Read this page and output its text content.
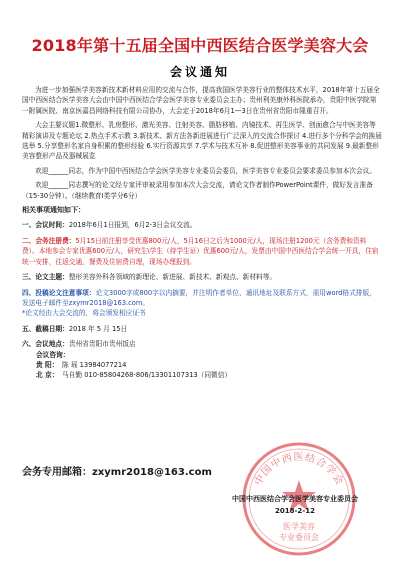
2018年第十五届全国中西医结合医学美容大会
会议通知

为进一步加强医学美容新技术新材料应用的交流与合作，提高我国医学美容行业的整体技术水平，2018年第十五届全国中西医结合医学美容大会由中国中西医结合学会医学美容专业委员会主办；贵州利美康外科医院承办，贵阳中医学院第一附属医院、南京医嘉昌网络科技有限公司协办，大会定于2018年6月1—3日在贵州省贵阳市隆重召开。

大会主要议题1.微整形、乳房整形、激光美容、注射美容、脂肪移植、内镜技术、再生医学、创面愈合与中医美容等精彩演讲及专题论坛 2.热点手术示教 3.新技术、新方法各新进展进行广泛深入的交流合作探讨 4.进行多个分科学会的换届选举 5.分享整形名家自身积累的整形经验 6.实行资源共享 7.学术与技术互补 8.促进整形美容事业的共同发展 9.最新整形美容整形产品及器械展览

欢迎______同志，作为中国中西医结合学会医学美容专业委员会委员，医学美容专业委员会要求委员参加本次会议。

欢迎______同志撰写的论文经专家评审被录用参加本次大会交流，请论文作者制作PowerPoint课件，做好发言准备（15-30分钟）。（继续教育I类学分6分）

相关事项通知如下：

一、会议时间：2018年6月1日报到，6月2-3日会议交流。
二、会务注册费：5月15日前注册享受优惠800元/人，5月16日之后为1000元/人，现场注册1200元（含务费和资料费）。本地参会专家优惠600元/人，研究生\学生（持学生证）优惠600元/人，发票由中国中西医结合学会统一开具，住宿统一安排，往返交通，餐费及住宿费自理，现场办理报到。
三、论文主题：整形美容外科各领域的新理论、新进展、新技术、新观点、新材料等。
四、投稿论文注意事项：论文3000字或800字以内摘要，并注明作者单位、通讯地址及联系方式，需用word格式排版，发送电子邮件至zxymr2018@163.com。
*论文经由大会交流的，将会颁发相应证书
五、截稿日期：2018 年 5 月 15日
六、会议地点：贵州省贵阳市贵州饭店
会议咨询：
贵 阳： 陈 瑶 13984077214
北 京： 马自勤 010-85804268-806/13301107313（同微信）
会务专用邮箱：zxymr2018@163.com	中国中西医结合学会
医学美容
专业委员会
中国中西医结合学会医学美容专业委员会
2018-2-12
